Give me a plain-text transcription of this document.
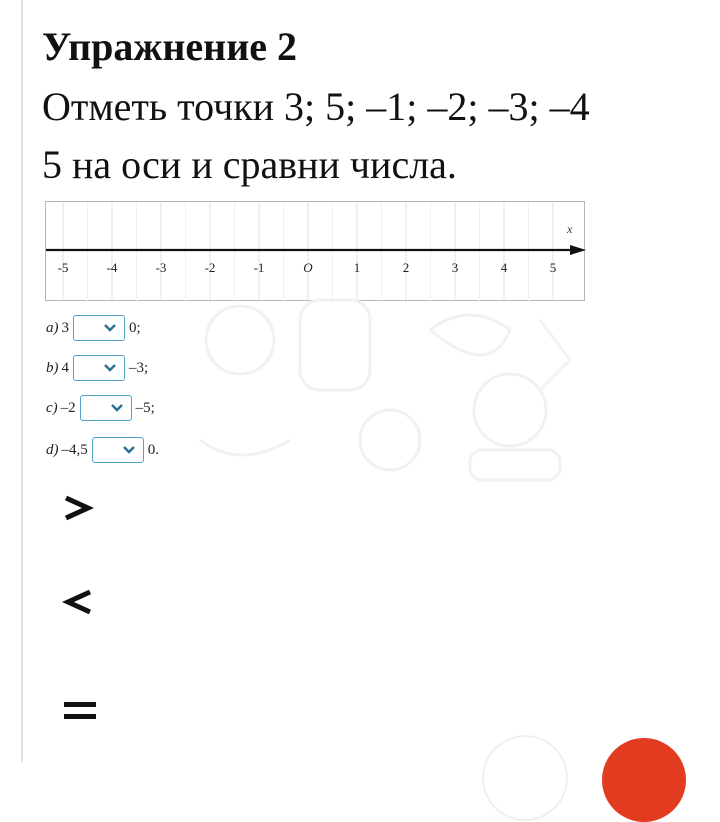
Упражнение 2
Отметь точки 3; 5; –1; –2; –3; –4
5 на оси и сравни числа.
x
-5	-4	-3	-2	-1	O	1	2	3	4	5
a) 3	0;
b) 4	–3;
c) –2	–5;
d) –4,5	0.
